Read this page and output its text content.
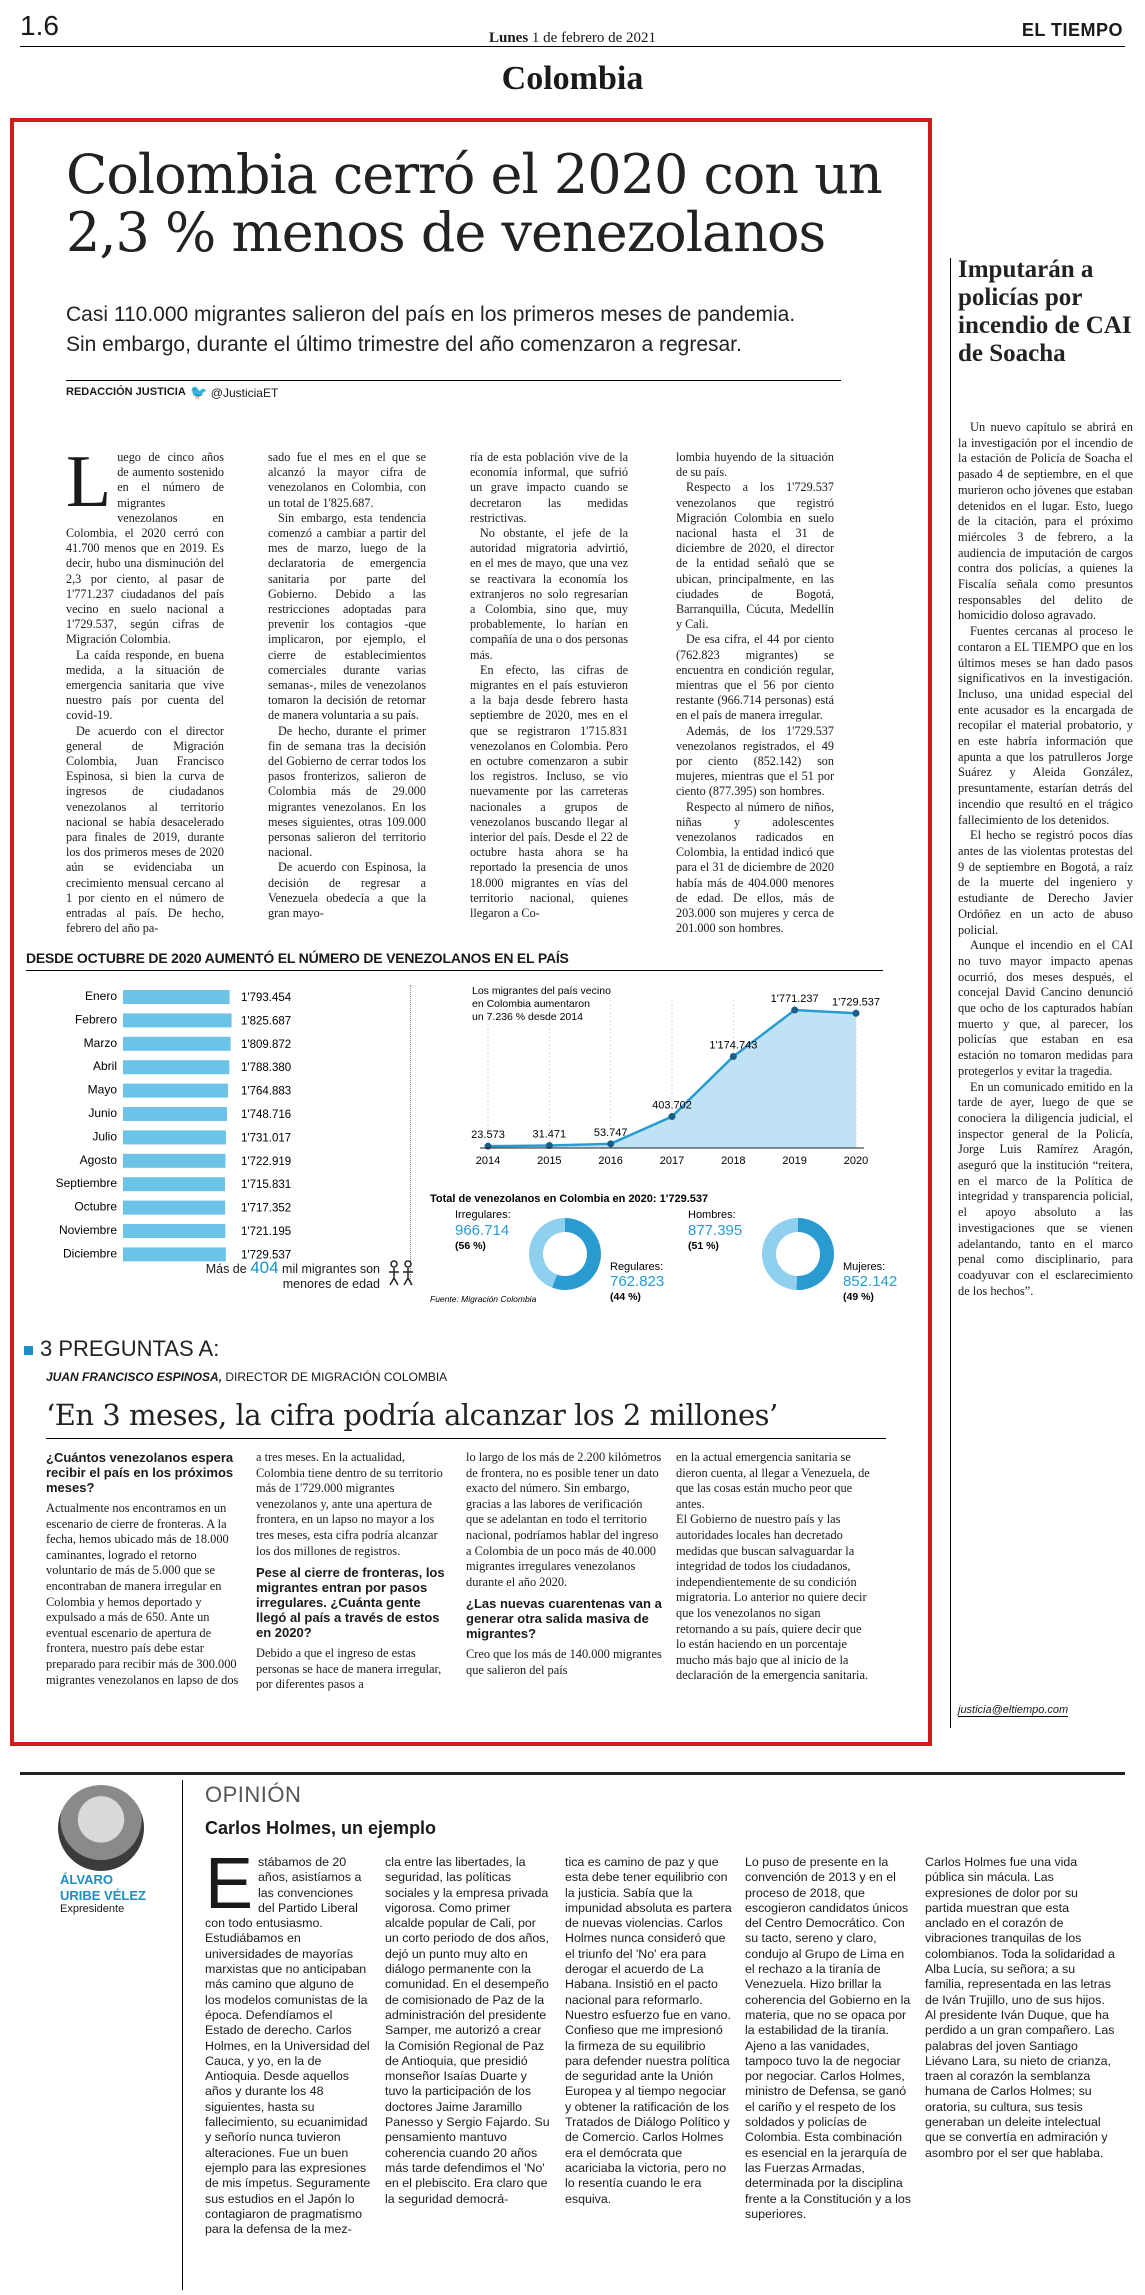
1.6	Lunes 1 de febrero de 2021	EL TIEMPO
Colombia
Colombia cerró el 2020 con un
2,3 % menos de venezolanos
Casi 110.000 migrantes salieron del país en los primeros meses de pandemia.
Sin embargo, durante el último trimestre del año comenzaron a regresar.
REDACCIÓN JUSTICIA 🐦 @JusticiaET

Luego de cinco años de aumento sostenido en el número de migrantes venezolanos en Colombia, el 2020 cerró con 41.700 menos que en 2019. Es decir, hubo una disminución del 2,3 por ciento, al pasar de 1'771.237 ciudadanos del país vecino en suelo nacional a 1'729.537, según cifras de Migración Colombia.

La caída responde, en buena medida, a la situación de emergencia sanitaria que vive nuestro país por cuenta del covid-19.

De acuerdo con el director general de Migración Colombia, Juan Francisco Espinosa, si bien la curva de ingresos de ciudadanos venezolanos al territorio nacional se había desacelerado para finales de 2019, durante los dos primeros meses de 2020 aún se evidenciaba un crecimiento mensual cercano al 1 por ciento en el número de entradas al país. De hecho, febrero del año pa-

sado fue el mes en el que se alcanzó la mayor cifra de venezolanos en Colombia, con un total de 1'825.687.

Sin embargo, esta tendencia comenzó a cambiar a partir del mes de marzo, luego de la declaratoria de emergencia sanitaria por parte del Gobierno. Debido a las restricciones adoptadas para prevenir los contagios -que implicaron, por ejemplo, el cierre de establecimientos comerciales durante varias semanas-, miles de venezolanos tomaron la decisión de retornar de manera voluntaria a su país.

De hecho, durante el primer fin de semana tras la decisión del Gobierno de cerrar todos los pasos fronterizos, salieron de Colombia más de 29.000 migrantes venezolanos. En los meses siguientes, otras 109.000 personas salieron del territorio nacional.

De acuerdo con Espinosa, la decisión de regresar a Venezuela obedecía a que la gran mayo-

ría de esta población vive de la economía informal, que sufrió un grave impacto cuando se decretaron las medidas restrictivas.

No obstante, el jefe de la autoridad migratoria advirtió, en el mes de mayo, que una vez se reactivara la economía los extranjeros no solo regresarían a Colombia, sino que, muy probablemente, lo harían en compañía de una o dos personas más.

En efecto, las cifras de migrantes en el país estuvieron a la baja desde febrero hasta septiembre de 2020, mes en el que se registraron 1'715.831 venezolanos en Colombia. Pero en octubre comenzaron a subir los registros. Incluso, se vio nuevamente por las carreteras nacionales a grupos de venezolanos buscando llegar al interior del país. Desde el 22 de octubre hasta ahora se ha reportado la presencia de unos 18.000 migrantes en vías del territorio nacional, quienes llegaron a Co-

lombia huyendo de la situación de su país.

Respecto a los 1'729.537 venezolanos que registró Migración Colombia en suelo nacional hasta el 31 de diciembre de 2020, el director de la entidad señaló que se ubican, principalmente, en las ciudades de Bogotá, Barranquilla, Cúcuta, Medellín y Cali.

De esa cifra, el 44 por ciento (762.823 migrantes) se encuentra en condición regular, mientras que el 56 por ciento restante (966.714 personas) está en el país de manera irregular.

Además, de los 1'729.537 venezolanos registrados, el 49 por ciento (852.142) son mujeres, mientras que el 51 por ciento (877.395) son hombres.

Respecto al número de niños, niñas y adolescentes venezolanos radicados en Colombia, la entidad indicó que para el 31 de diciembre de 2020 había más de 404.000 menores de edad. De ellos, más de 203.000 son mujeres y cerca de 201.000 son hombres.

DESDE OCTUBRE DE 2020 AUMENTÓ EL NÚMERO DE VENEZOLANOS EN EL PAÍS
Enero	1'793.454
Febrero	1'825.687
Marzo	1'809.872
Abril	1'788.380
Mayo	1'764.883
Junio	1'748.716
Julio	1'731.017
Agosto	1'722.919
Septiembre	1'715.831
Octubre	1'717.352
Noviembre	1'721.195
Diciembre	1'729.537
23.573
2014
31.471
2015
53.747
2016
403.702
2017
1'174.743
2018
1'771.237
2019
1'729.537
2020
Los migrantes del país vecino
en Colombia aumentaron
un 7.236 % desde 2014
Total de venezolanos en Colombia en 2020: 1'729.537
Fuente: Migración Colombia
Irregulares:
966.714
(56 %)
Regulares:
762.823
(44 %)
Hombres:
877.395
(51 %)
Mujeres:
852.142
(49 %)
Más de 404 mil migrantes son menores de edad
3 PREGUNTAS A:
JUAN FRANCISCO ESPINOSA, DIRECTOR DE MIGRACIÓN COLOMBIA
‘En 3 meses, la cifra podría alcanzar los 2 millones’

¿Cuántos venezolanos espera recibir el país en los próximos meses?

Actualmente nos encontramos en un escenario de cierre de fronteras. A la fecha, hemos ubicado más de 18.000 caminantes, logrado el retorno voluntario de más de 5.000 que se encontraban de manera irregular en Colombia y hemos deportado y expulsado a más de 650. Ante un eventual escenario de apertura de frontera, nuestro país debe estar preparado para recibir más de 300.000 migrantes venezolanos en lapso de dos

a tres meses. En la actualidad, Colombia tiene dentro de su territorio más de 1'729.000 migrantes venezolanos y, ante una apertura de frontera, en un lapso no mayor a los tres meses, esta cifra podría alcanzar los dos millones de registros.

Pese al cierre de fronteras, los migrantes entran por pasos irregulares. ¿Cuánta gente llegó al país a través de estos en 2020?

Debido a que el ingreso de estas personas se hace de manera irregular, por diferentes pasos a

lo largo de los más de 2.200 kilómetros de frontera, no es posible tener un dato exacto del número. Sin embargo, gracias a las labores de verificación que se adelantan en todo el territorio nacional, podríamos hablar del ingreso a Colombia de un poco más de 40.000 migrantes irregulares venezolanos durante el año 2020.

¿Las nuevas cuarentenas van a generar otra salida masiva de migrantes?

Creo que los más de 140.000 migrantes que salieron del país

en la actual emergencia sanitaria se dieron cuenta, al llegar a Venezuela, de que las cosas están mucho peor que antes.

El Gobierno de nuestro país y las autoridades locales han decretado medidas que buscan salvaguardar la integridad de todos los ciudadanos, independientemente de su condición migratoria. Lo anterior no quiere decir que los venezolanos no sigan retornando a su país, quiere decir que lo están haciendo en un porcentaje mucho más bajo que al inicio de la declaración de la emergencia sanitaria.

Imputarán a policías por incendio de CAI de Soacha

Un nuevo capítulo se abrirá en la investigación por el incendio de la estación de Policía de Soacha el pasado 4 de septiembre, en el que murieron ocho jóvenes que estaban detenidos en el lugar. Esto, luego de la citación, para el próximo miércoles 3 de febrero, a la audiencia de imputación de cargos contra dos policías, a quienes la Fiscalía señala como presuntos responsables del delito de homicidio doloso agravado.

Fuentes cercanas al proceso le contaron a EL TIEMPO que en los últimos meses se han dado pasos significativos en la investigación. Incluso, una unidad especial del ente acusador es la encargada de recopilar el material probatorio, y en este habría información que apunta a que los patrulleros Jorge Suárez y Aleida González, presuntamente, estarían detrás del incendio que resultó en el trágico fallecimiento de los detenidos.

El hecho se registró pocos días antes de las violentas protestas del 9 de septiembre en Bogotá, a raíz de la muerte del ingeniero y estudiante de Derecho Javier Ordóñez en un acto de abuso policial.

Aunque el incendio en el CAI no tuvo mayor impacto apenas ocurrió, dos meses después, el concejal David Cancino denunció que ocho de los capturados habían muerto y que, al parecer, los policías que estaban en esa estación no tomaron medidas para protegerlos y evitar la tragedia.

En un comunicado emitido en la tarde de ayer, luego de que se conociera la diligencia judicial, el inspector general de la Policía, Jorge Luis Ramírez Aragón, aseguró que la institución “reitera, en el marco de la Política de integridad y transparencia policial, el apoyo absoluto a las investigaciones que se vienen adelantando, tanto en el marco penal como disciplinario, para coadyuvar con el esclarecimiento de los hechos”.

justicia@eltiempo.com
ÁLVARO
URIBE VÉLEZ
Expresidente
OPINIÓN
Carlos Holmes, un ejemplo

Estábamos de 20 años, asistíamos a las convenciones del Partido Liberal con todo entusiasmo. Estudiábamos en universidades de mayorías marxistas que no anticipaban más camino que alguno de los modelos comunistas de la época. Defendíamos el Estado de derecho. Carlos Holmes, en la Universidad del Cauca, y yo, en la de Antioquia. Desde aquellos años y durante los 48 siguientes, hasta su fallecimiento, su ecuanimidad y señorío nunca tuvieron alteraciones. Fue un buen ejemplo para las expresiones de mis ímpetus. Seguramente sus estudios en el Japón lo contagiaron de pragmatismo para la defensa de la mez-

cla entre las libertades, la seguridad, las políticas sociales y la empresa privada vigorosa. Como primer alcalde popular de Cali, por un corto periodo de dos años, dejó un punto muy alto en diálogo permanente con la comunidad. En el desempeño de comisionado de Paz de la administración del presidente Samper, me autorizó a crear la Comisión Regional de Paz de Antioquia, que presidió monseñor Isaías Duarte y tuvo la participación de los doctores Jaime Jaramillo Panesso y Sergio Fajardo. Su pensamiento mantuvo coherencia cuando 20 años más tarde defendimos el 'No' en el plebiscito. Era claro que la seguridad democrá-

tica es camino de paz y que esta debe tener equilibrio con la justicia. Sabía que la impunidad absoluta es partera de nuevas violencias. Carlos Holmes nunca consideró que el triunfo del 'No' era para derogar el acuerdo de La Habana. Insistió en el pacto nacional para reformarlo. Nuestro esfuerzo fue en vano. Confieso que me impresionó la firmeza de su equilibrio para defender nuestra política de seguridad ante la Unión Europea y al tiempo negociar y obtener la ratificación de los Tratados de Diálogo Político y de Comercio. Carlos Holmes era el demócrata que acariciaba la victoria, pero no lo resentía cuando le era esquiva.

Lo puso de presente en la convención de 2013 y en el proceso de 2018, que escogieron candidatos únicos del Centro Democrático. Con su tacto, sereno y claro, condujo al Grupo de Lima en el rechazo a la tiranía de Venezuela. Hizo brillar la coherencia del Gobierno en la materia, que no se opaca por la estabilidad de la tiranía. Ajeno a las vanidades, tampoco tuvo la de negociar por negociar. Carlos Holmes, ministro de Defensa, se ganó el cariño y el respeto de los soldados y policías de Colombia. Esta combinación es esencial en la jerarquía de las Fuerzas Armadas, determinada por la disciplina frente a la Constitución y a los superiores.

Carlos Holmes fue una vida pública sin mácula. Las expresiones de dolor por su partida muestran que esta anclado en el corazón de vibraciones tranquilas de los colombianos. Toda la solidaridad a Alba Lucía, su señora; a su familia, representada en las letras de Iván Trujillo, uno de sus hijos. Al presidente Iván Duque, que ha perdido a un gran compañero. Las palabras del joven Santiago Liévano Lara, su nieto de crianza, traen al corazón la semblanza humana de Carlos Holmes; su oratoria, su cultura, sus tesis generaban un deleite intelectual que se convertía en admiración y asombro por el ser que hablaba.
